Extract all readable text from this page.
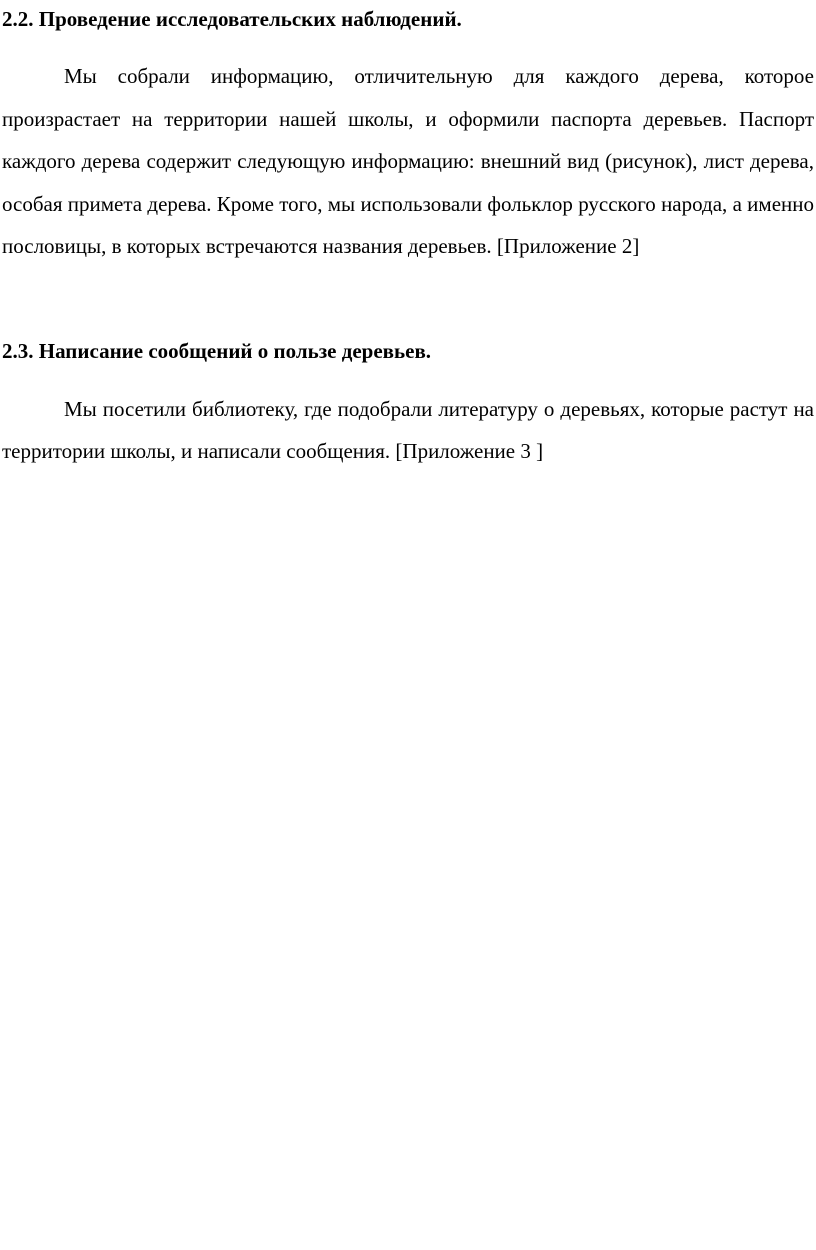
2.2. Проведение исследовательских наблюдений.

Мы собрали информацию, отличительную для каждого дерева, которое произрастает на территории нашей школы, и оформили паспорта деревьев. Паспорт каждого дерева содержит следующую информацию: внешний вид (рисунок), лист дерева, особая примета дерева. Кроме того, мы использовали фольклор русского народа, а именно пословицы, в которых встречаются названия деревьев. [Приложение 2]

2.3. Написание сообщений о пользе деревьев.

Мы посетили библиотеку, где подобрали литературу о деревьях, которые растут на территории школы, и написали сообщения. [Приложение 3 ]
